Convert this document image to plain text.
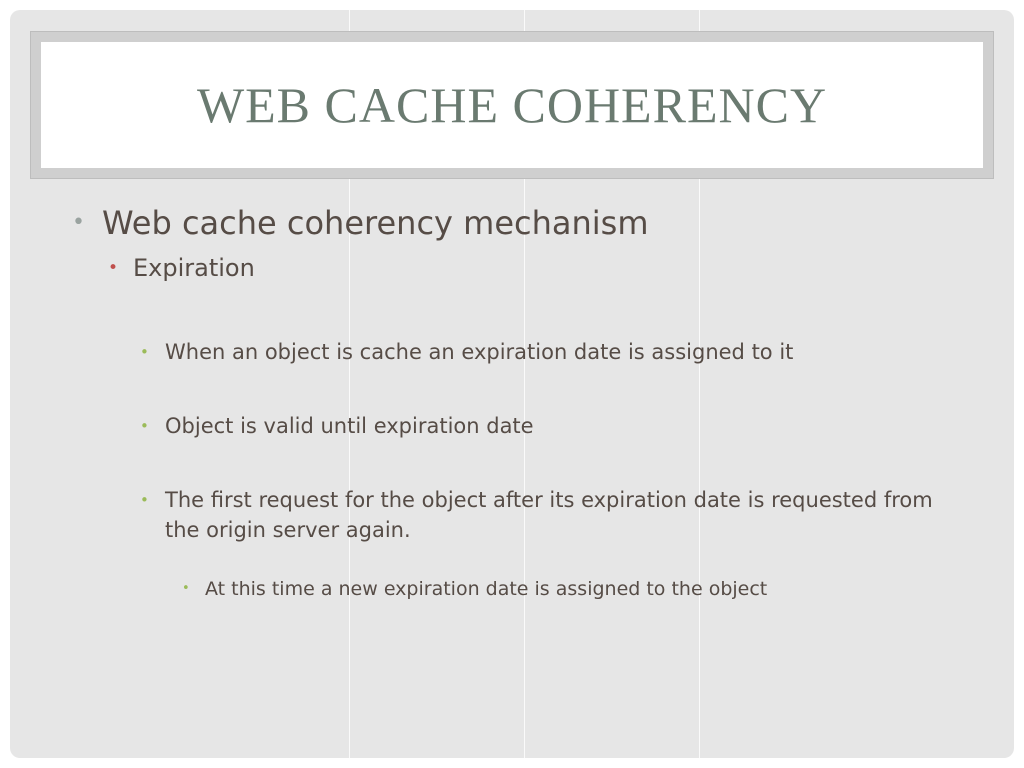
WEB CACHE COHERENCY
• Web cache coherency mechanism
• Expiration
• When an object is cache an expiration date is assigned to it
• Object is valid until expiration date
• The first request for the object after its expiration date is requested from the origin server again.
• At this time a new expiration date is assigned to the object
